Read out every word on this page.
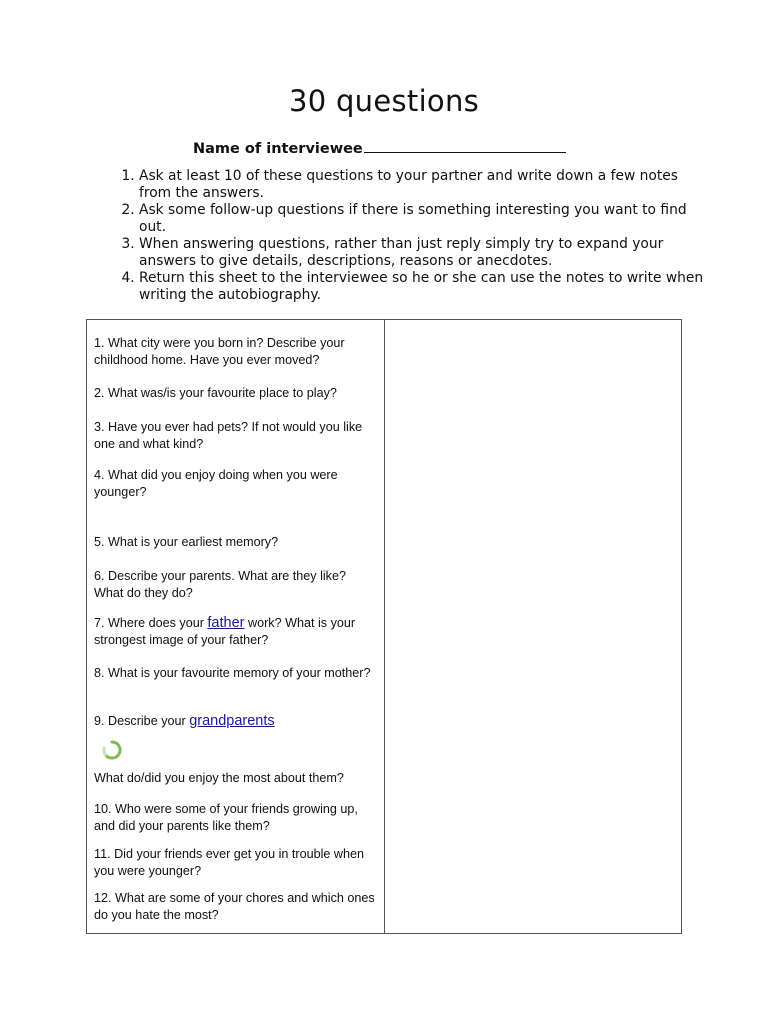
30 questions
Name of interviewee
1. Ask at least 10 of these questions to your partner and write down a few notes from the answers.
2. Ask some follow-up questions if there is something interesting you want to find out.
3. When answering questions, rather than just reply simply try to expand your answers to give details, descriptions, reasons or anecdotes.
4. Return this sheet to the interviewee so he or she can use the notes to write when writing the autobiography.
1. What city were you born in? Describe your childhood home. Have you ever moved?
2. What was/is your favourite place to play?
3. Have you ever had pets? If not would you like one and what kind?
4. What did you enjoy doing when you were younger?
5. What is your earliest memory?
6. Describe your parents. What are they like? What do they do?
7. Where does your father work? What is your strongest image of your father?
8. What is your favourite memory of your mother?
9. Describe your grandparents
What do/did you enjoy the most about them?
10. Who were some of your friends growing up, and did your parents like them?
11. Did your friends ever get you in trouble when you were younger?
12. What are some of your chores and which ones do you hate the most?
